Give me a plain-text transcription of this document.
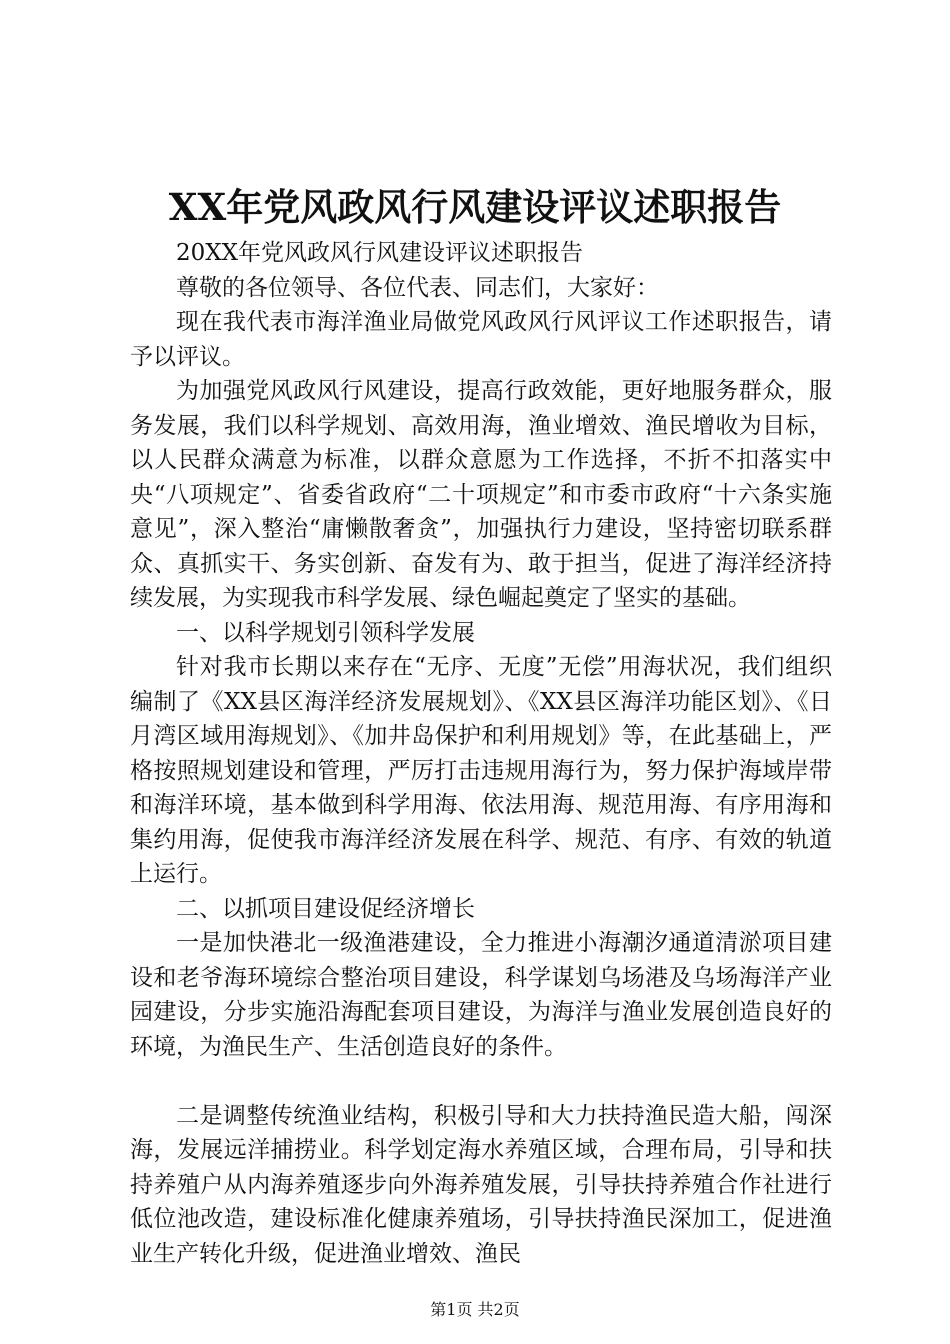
XX年党风政风行风建设评议述职报告

20XX年党风政风行风建设评议述职报告

尊敬的各位领导、各位代表、同志们，大家好：

现在我代表市海洋渔业局做党风政风行风评议工作述职报告，请予以评议。

为加强党风政风行风建设，提高行政效能，更好地服务群众，服务发展，我们以科学规划、高效用海，渔业增效、渔民增收为目标，以人民群众满意为标准，以群众意愿为工作选择，不折不扣落实中央“八项规定”、省委省政府“二十项规定”和市委市政府“十六条实施意见”，深入整治“庸懒散奢贪”，加强执行力建设，坚持密切联系群众、真抓实干、务实创新、奋发有为、敢于担当，促进了海洋经济持续发展，为实现我市科学发展、绿色崛起奠定了坚实的基础。

一、以科学规划引领科学发展

针对我市长期以来存在“无序、无度”无偿”用海状况，我们组织编制了《XX县区海洋经济发展规划》、《XX县区海洋功能区划》、《日月湾区域用海规划》、《加井岛保护和利用规划》等，在此基础上，严格按照规划建设和管理，严厉打击违规用海行为，努力保护海域岸带和海洋环境，基本做到科学用海、依法用海、规范用海、有序用海和集约用海，促使我市海洋经济发展在科学、规范、有序、有效的轨道上运行。

二、以抓项目建设促经济增长

一是加快港北一级渔港建设，全力推进小海潮汐通道清淤项目建设和老爷海环境综合整治项目建设，科学谋划乌场港及乌场海洋产业园建设，分步实施沿海配套项目建设，为海洋与渔业发展创造良好的环境，为渔民生产、生活创造良好的条件。

二是调整传统渔业结构，积极引导和大力扶持渔民造大船，闯深海，发展远洋捕捞业。科学划定海水养殖区域，合理布局，引导和扶持养殖户从内海养殖逐步向外海养殖发展，引导扶持养殖合作社进行低位池改造，建设标准化健康养殖场，引导扶持渔民深加工，促进渔业生产转化升级，促进渔业增效、渔民

第1页 共2页
